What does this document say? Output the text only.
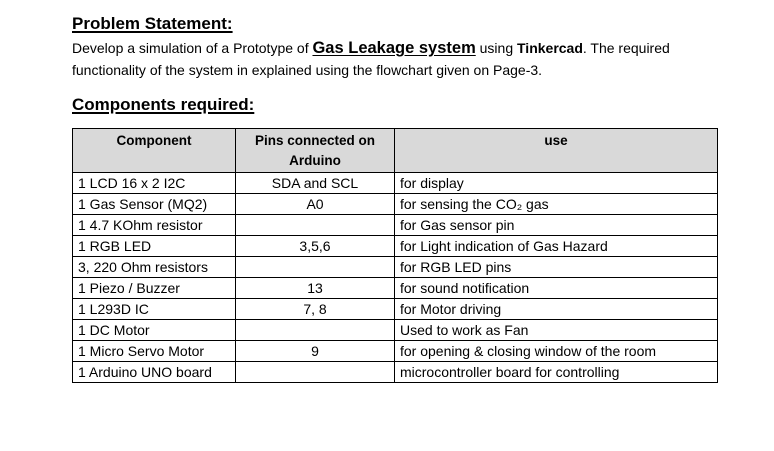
Problem Statement:
Develop a simulation of a Prototype of Gas Leakage system using Tinkercad. The required functionality of the system in explained using the flowchart given on Page-3.
Components required:
Component	Pins connected on Arduino	use
1 LCD 16 x 2 I2C	SDA and SCL	for display
1 Gas Sensor (MQ2)	A0	for sensing the CO₂ gas
1 4.7 KOhm resistor		for Gas sensor pin
1 RGB LED	3,5,6	for Light indication of Gas Hazard
3, 220 Ohm resistors		for RGB LED pins
1 Piezo / Buzzer	13	for sound notification
1 L293D IC	7, 8	for Motor driving
1 DC Motor		Used to work as Fan
1 Micro Servo Motor	9	for opening & closing window of the room
1 Arduino UNO board		microcontroller board for controlling
